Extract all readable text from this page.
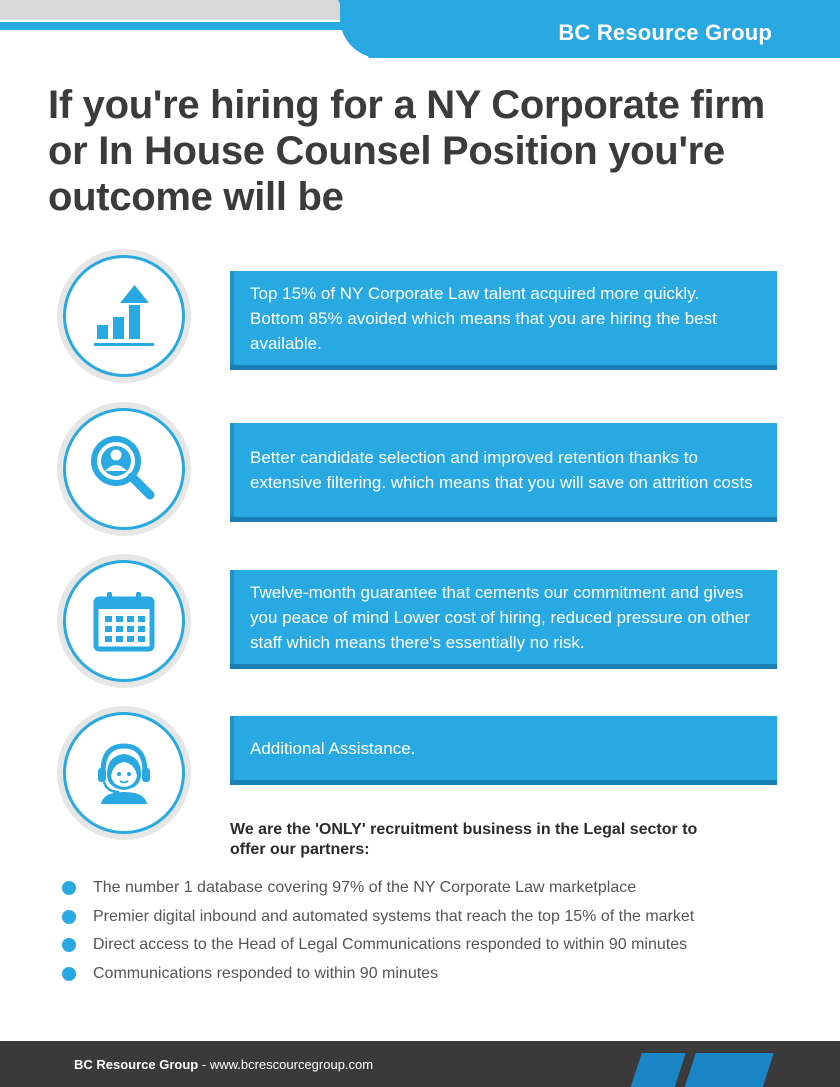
BC Resource Group
If you're hiring for a NY Corporate firm or In House Counsel Position you're outcome will be
Top 15% of NY Corporate Law talent acquired more quickly. Bottom 85% avoided which means that you are hiring the best available.
Better candidate selection and improved retention thanks to extensive filtering. which means that you will save on attrition costs
Twelve-month guarantee that cements our commitment and gives you peace of mind Lower cost of hiring, reduced pressure on other staff which means there's essentially no risk.
Additional Assistance.

We are the 'ONLY' recruitment business in the Legal sector to offer our partners:

The number 1 database covering 97% of the NY Corporate Law marketplace
Premier digital inbound and automated systems that reach the top 15% of the market
Direct access to the Head of Legal Communications responded to within 90 minutes
Communications responded to within 90 minutes
BC Resource Group - www.bcrescourcegroup.com
